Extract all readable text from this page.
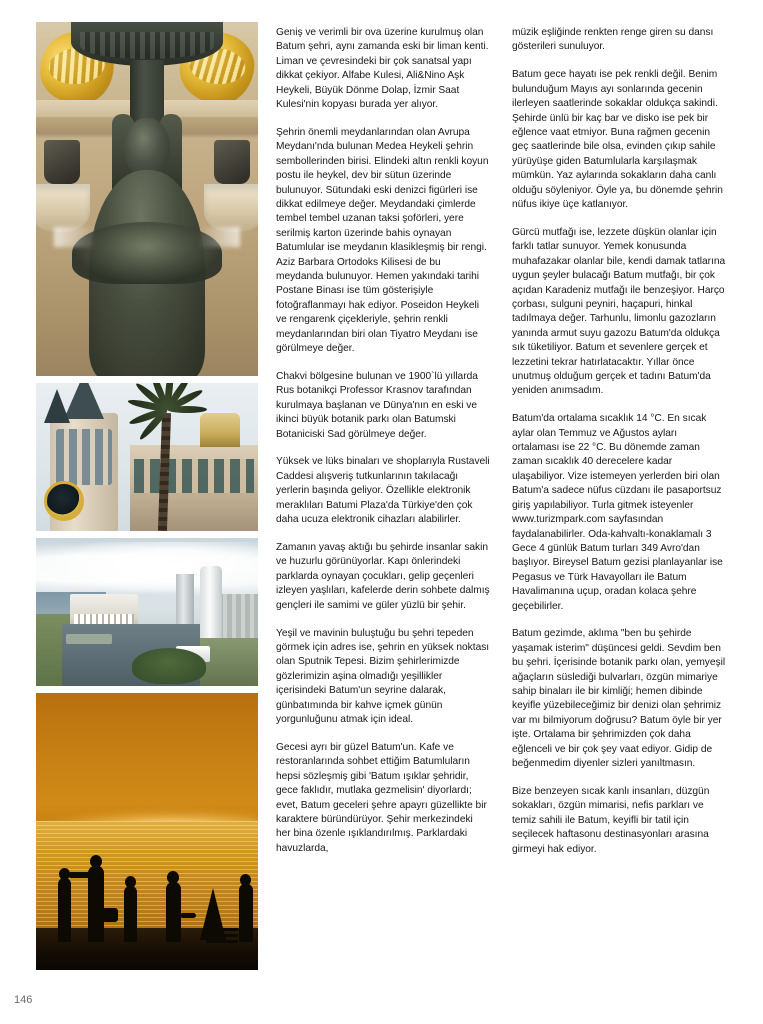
Geniş ve verimli bir ova üzerine kurulmuş olan Batum şehri, aynı zamanda eski bir liman kenti. Liman ve çevresindeki bir çok sanatsal yapı dikkat çekiyor. Alfabe Kulesi, Ali&Nino Aşk Heykeli, Büyük Dönme Dolap, İzmir Saat Kulesi'nin kopyası burada yer alıyor.

Şehrin önemli meydanlarından olan Avrupa Meydanı'nda bulunan Medea Heykeli şehrin sembollerinden birisi. Elindeki altın renkli koyun postu ile heykel, dev bir sütun üzerinde bulunuyor. Sütundaki eski denizci figürleri ise dikkat edilmeye değer. Meydandaki çimlerde tembel tembel uzanan taksi şoförleri, yere serilmiş karton üzerinde bahis oynayan Batumlular ise meydanın klasikleşmiş bir rengi. Aziz Barbara Ortodoks Kilisesi de bu meydanda bulunuyor. Hemen yakındaki tarihi Postane Binası ise tüm gösterişiyle fotoğraflanmayı hak ediyor. Poseidon Heykeli ve rengarenk çiçekleriyle, şehrin renkli meydanlarından biri olan Tiyatro Meydanı ise görülmeye değer.

Chakvi bölgesine bulunan ve 1900`lü yıllarda Rus botanikçi Professor Krasnov tarafından kurulmaya başlanan ve Dünya'nın en eski ve ikinci büyük botanik parkı olan Batumski Botaniciski Sad görülmeye değer.

Yüksek ve lüks binaları ve shoplarıyla Rustaveli Caddesi alışveriş tutkunlarının takılacağı yerlerin başında geliyor. Özellikle elektronik meraklıları Batumi Plaza'da Türkiye'den çok daha ucuza elektronik cihazları alabilirler.

Zamanın yavaş aktığı bu şehirde insanlar sakin ve huzurlu görünüyorlar. Kapı önlerindeki parklarda oynayan çocukları, gelip geçenleri izleyen yaşlıları, kafelerde derin sohbete dalmış gençleri ile samimi ve güler yüzlü bir şehir.

Yeşil ve mavinin buluştuğu bu şehri tepeden görmek için adres ise, şehrin en yüksek noktası olan Sputnik Tepesi. Bizim şehirlerimizde gözlerimizin aşina olmadığı yeşillikler içerisindeki Batum'un seyrine dalarak, günbatımında bir kahve içmek günün yorgunluğunu atmak için ideal.

Gecesi ayrı bir güzel Batum'un. Kafe ve restoranlarında sohbet ettiğim Batumluların hepsi sözleşmiş gibi 'Batum ışıklar şehridir, gece faklıdır, mutlaka gezmelisin' diyorlardı; evet, Batum geceleri şehre apayrı güzellikte bir karaktere büründürüyor. Şehir merkezindeki her bina özenle ışıklandırılmış. Parklardaki havuzlarda,

müzik eşliğinde renkten renge giren su dansı gösterileri sunuluyor.

Batum gece hayatı ise pek renkli değil. Benim bulunduğum Mayıs ayı sonlarında gecenin ilerleyen saatlerinde sokaklar oldukça sakindi. Şehirde ünlü bir kaç bar ve disko ise pek bir eğlence vaat etmiyor. Buna rağmen gecenin geç saatlerinde bile olsa, evinden çıkıp sahile yürüyüşe giden Batumlularla karşılaşmak mümkün. Yaz aylarında sokakların daha canlı olduğu söyleniyor. Öyle ya, bu dönemde şehrin nüfus ikiye üçe katlanıyor.

Gürcü mutfağı ise, lezzete düşkün olanlar için farklı tatlar sunuyor. Yemek konusunda muhafazakar olanlar bile, kendi damak tatlarına uygun şeyler bulacağı Batum mutfağı, bir çok açıdan Karadeniz mutfağı ile benzeşiyor. Harço çorbası, sulguni peyniri, haçapuri, hinkal tadılmaya değer. Tarhunlu, limonlu gazozların yanında armut suyu gazozu Batum'da oldukça sık tüketiliyor. Batum et sevenlere gerçek et lezzetini tekrar hatırlatacaktır. Yıllar önce unutmuş olduğum gerçek et tadını Batum'da yeniden anımsadım.

Batum'da ortalama sıcaklık 14 °C. En sıcak aylar olan Temmuz ve Ağustos ayları ortalaması ise 22 °C. Bu dönemde zaman zaman sıcaklık 40 derecelere kadar ulaşabiliyor. Vize istemeyen yerlerden biri olan Batum'a sadece nüfus cüzdanı ile pasaportsuz giriş yapılabiliyor. Turla gitmek isteyenler www.turizmpark.com sayfasından faydalanabilirler. Oda-kahvaltı-konaklamalı 3 Gece 4 günlük Batum turları 349 Avro'dan başlıyor. Bireysel Batum gezisi planlayanlar ise Pegasus ve Türk Havayolları ile Batum Havalimanına uçup, oradan kolaca şehre geçebilirler.

Batum gezimde, aklıma "ben bu şehirde yaşamak isterim" düşüncesi geldi. Sevdim ben bu şehri. İçerisinde botanik parkı olan, yemyeşil ağaçların süslediği bulvarları, özgün mimariye sahip binaları ile bir kimliği; hemen dibinde keyifle yüzebileceğimiz bir denizi olan şehrimiz var mı bilmiyorum doğrusu? Batum öyle bir yer işte. Ortalama bir şehrimizden çok daha eğlenceli ve bir çok şey vaat ediyor. Gidip de beğenmedim diyenler sizleri yanıltmasın.

Bize benzeyen sıcak kanlı insanları, düzgün sokakları, özgün mimarisi, nefis parkları ve temiz sahili ile Batum, keyifli bir tatil için seçilecek haftasonu destinasyonları arasına girmeyi hak ediyor.

146
